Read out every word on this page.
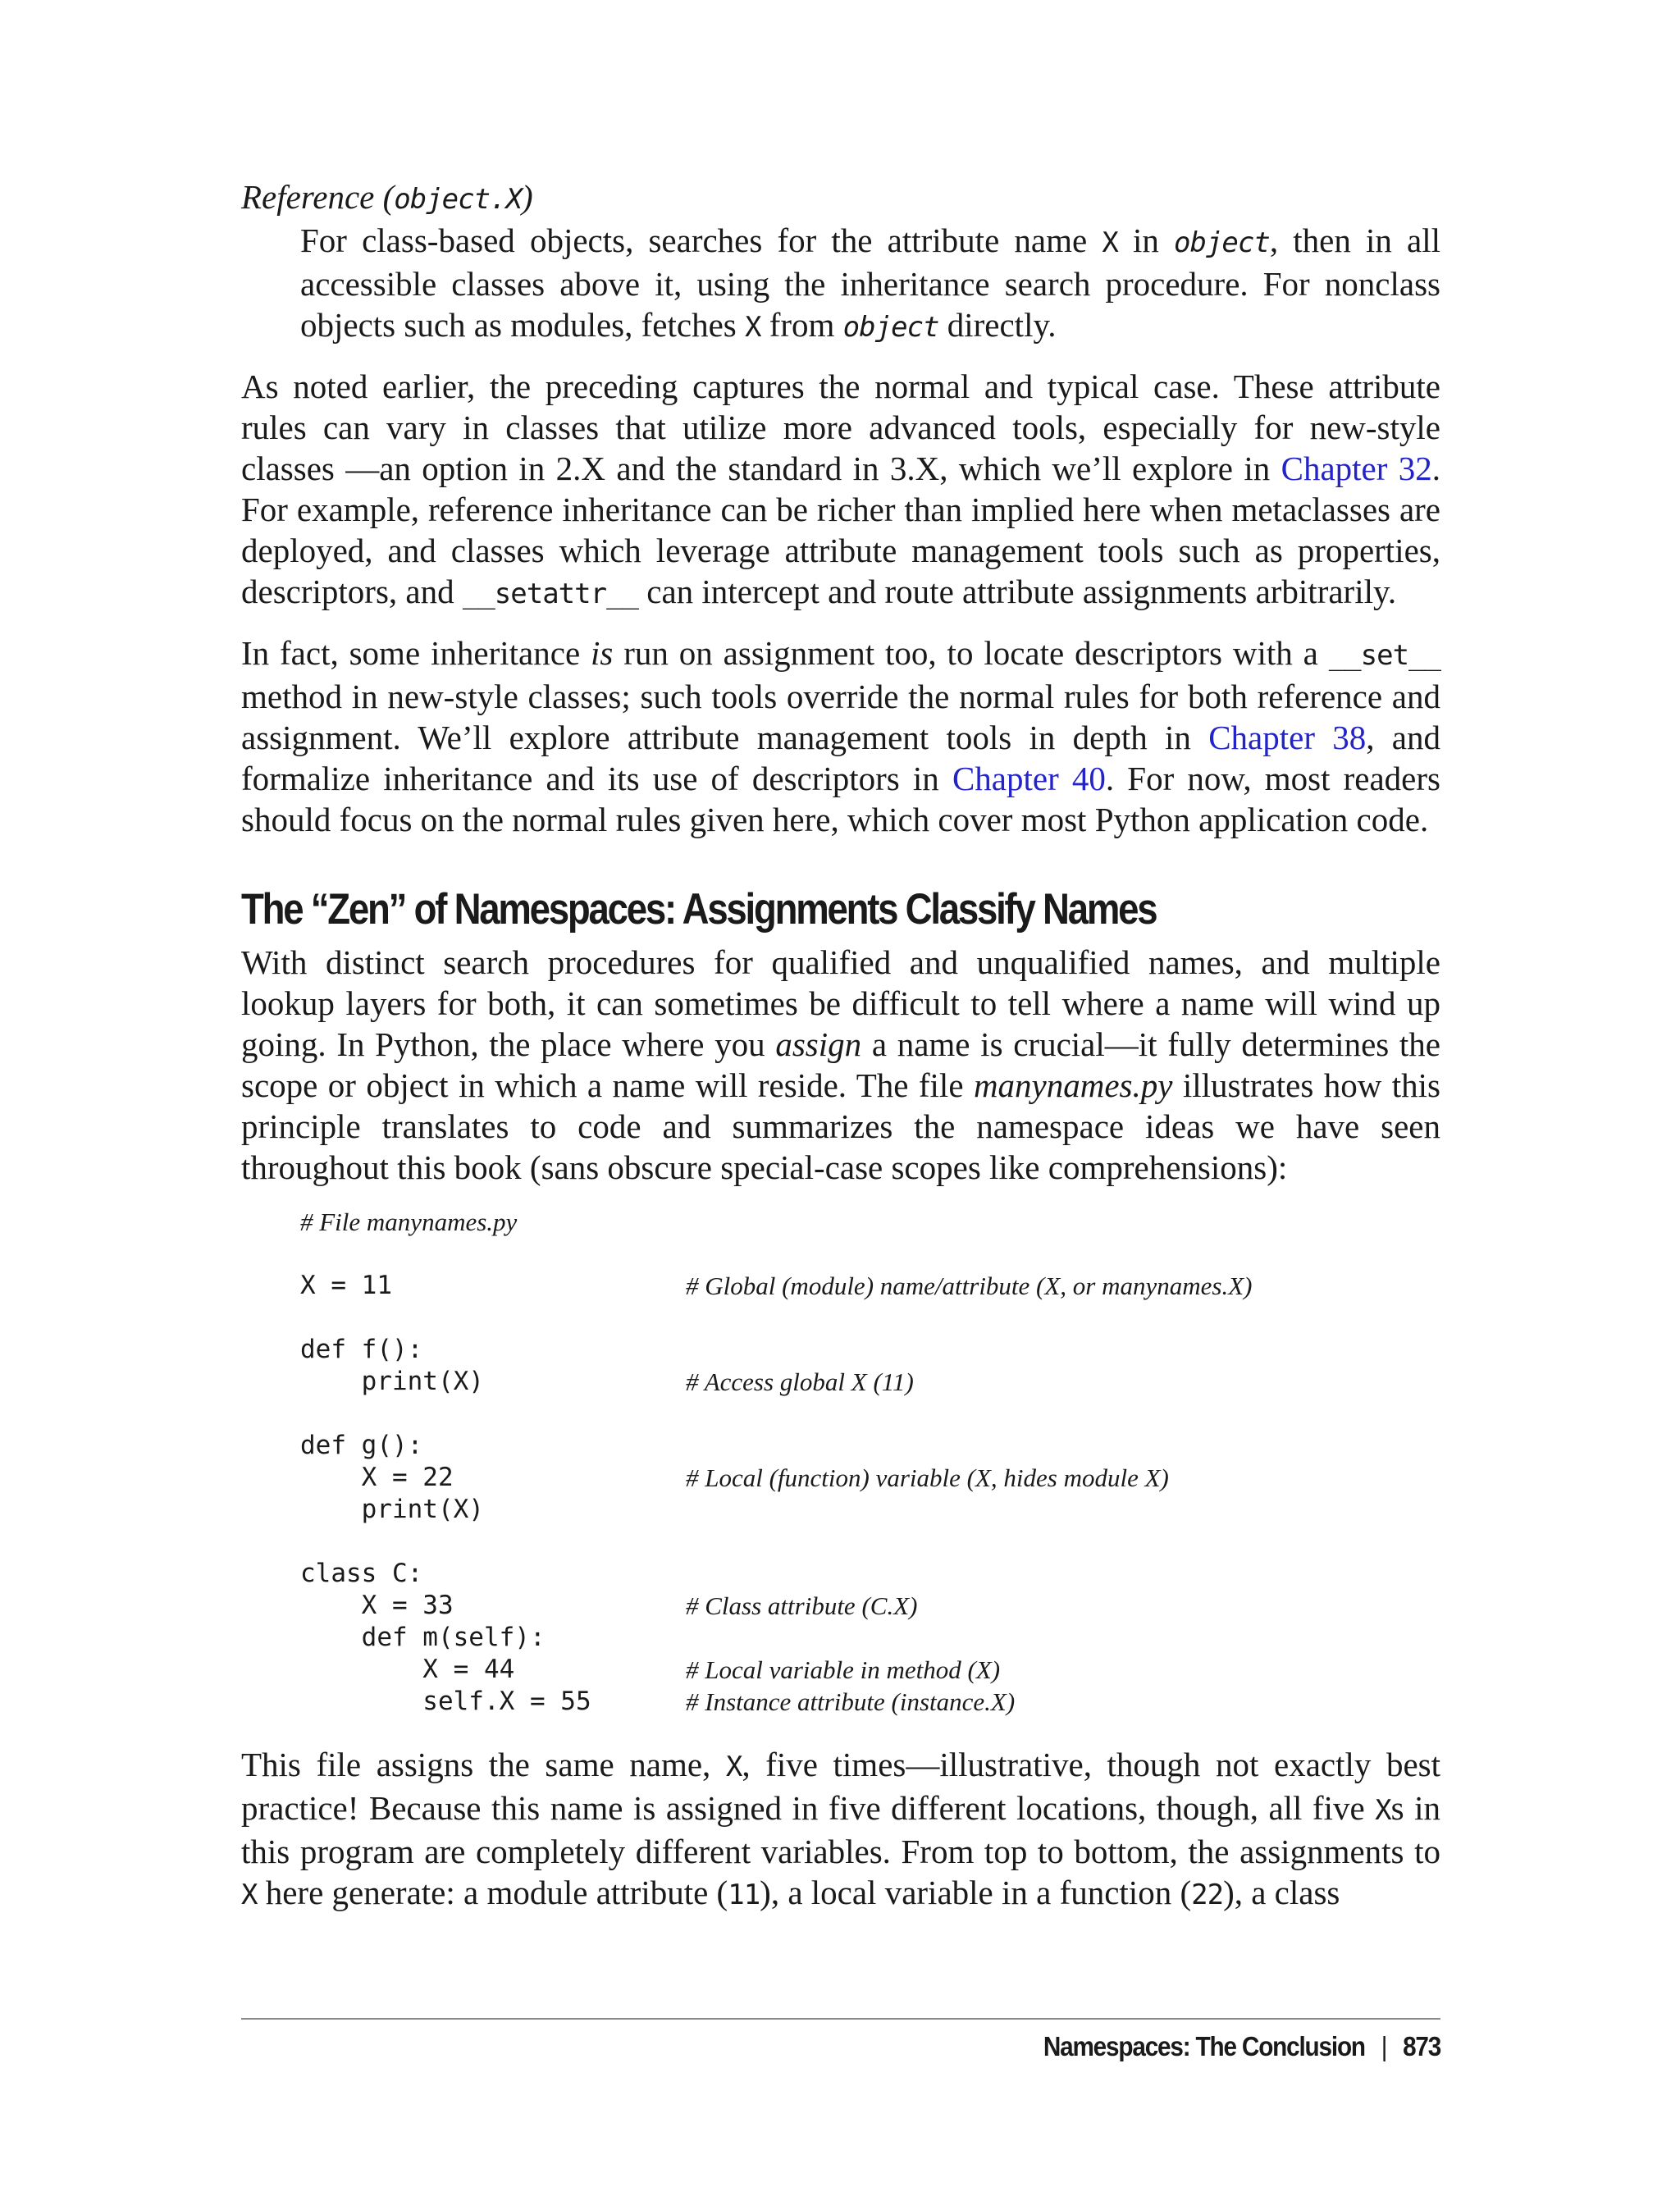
Reference (object.X)

For class-based objects, searches for the attribute name X in object, then in all accessible classes above it, using the inheritance search procedure. For nonclass objects such as modules, fetches X from object directly.

As noted earlier, the preceding captures the normal and typical case. These attribute rules can vary in classes that utilize more advanced tools, especially for new-style classes —an option in 2.X and the standard in 3.X, which we’ll explore in Chapter 32. For example, reference inheritance can be richer than implied here when metaclasses are deployed, and classes which leverage attribute management tools such as properties, descriptors, and __setattr__ can intercept and route attribute assignments arbitrarily.

In fact, some inheritance is run on assignment too, to locate descriptors with a __set__ method in new-style classes; such tools override the normal rules for both reference and assignment. We’ll explore attribute management tools in depth in Chapter 38, and formalize inheritance and its use of descriptors in Chapter 40. For now, most readers should focus on the normal rules given here, which cover most Python application code.

The “Zen” of Namespaces: Assignments Classify Names

With distinct search procedures for qualified and unqualified names, and multiple lookup layers for both, it can sometimes be difficult to tell where a name will wind up going. In Python, the place where you assign a name is crucial—it fully determines the scope or object in which a name will reside. The file manynames.py illustrates how this principle translates to code and summarizes the namespace ideas we have seen throughout this book (sans obscure special-case scopes like comprehensions):

# File manynames.py
X = 11	# Global (module) name/attribute (X, or manynames.X)
def f():
print(X)	# Access global X (11)
def g():
X = 22	# Local (function) variable (X, hides module X)
print(X)
class C:
X = 33	# Class attribute (C.X)
def m(self):
X = 44	# Local variable in method (X)
self.X = 55	# Instance attribute (instance.X)

This file assigns the same name, X, five times—illustrative, though not exactly best practice! Because this name is assigned in five different locations, though, all five Xs in this program are completely different variables. From top to bottom, the assignments to X here generate: a module attribute (11), a local variable in a function (22), a class

Namespaces: The Conclusion | 873
